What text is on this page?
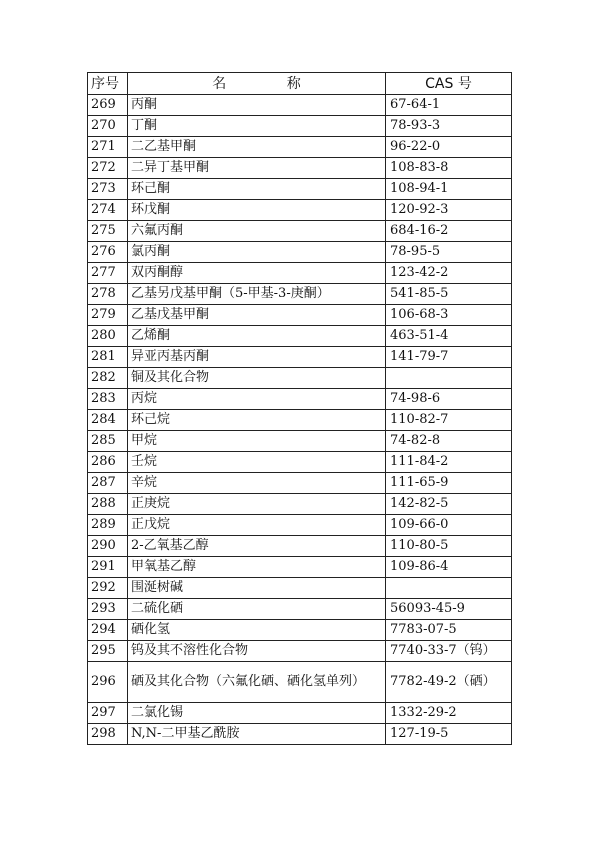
序号	名 称	CAS 号
269	丙酮	67-64-1
270	丁酮	78-93-3
271	二乙基甲酮	96-22-0
272	二异丁基甲酮	108-83-8
273	环己酮	108-94-1
274	环戊酮	120-92-3
275	六氟丙酮	684-16-2
276	氯丙酮	78-95-5
277	双丙酮醇	123-42-2
278	乙基另戊基甲酮（5-甲基-3-庚酮）	541-85-5
279	乙基戊基甲酮	106-68-3
280	乙烯酮	463-51-4
281	异亚丙基丙酮	141-79-7
282	铜及其化合物	
283	丙烷	74-98-6
284	环己烷	110-82-7
285	甲烷	74-82-8
286	壬烷	111-84-2
287	辛烷	111-65-9
288	正庚烷	142-82-5
289	正戊烷	109-66-0
290	2-乙氧基乙醇	110-80-5
291	甲氧基乙醇	109-86-4
292	围涎树碱	
293	二硫化硒	56093-45-9
294	硒化氢	7783-07-5
295	钨及其不溶性化合物	7740-33-7（钨）
296	硒及其化合物（六氟化硒、硒化氢单列）	7782-49-2（硒）
297	二氯化锡	1332-29-2
298	N,N-二甲基乙酰胺	127-19-5
